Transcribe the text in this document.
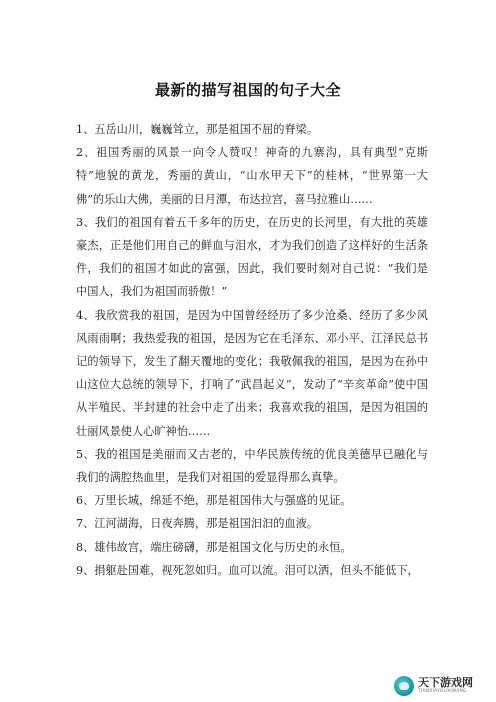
最新的描写祖国的句子大全

1、五岳山川，巍巍耸立，那是祖国不屈的脊梁。

2、祖国秀丽的风景一向令人赞叹！神奇的九寨沟，具有典型“克斯特”地貌的黄龙，秀丽的黄山，“山水甲天下”的桂林，“世界第一大佛”的乐山大佛，美丽的日月潭，布达拉宫，喜马拉雅山……

3、我们的祖国有着五千多年的历史，在历史的长河里，有大批的英雄豪杰，正是他们用自己的鲜血与泪水，才为我们创造了这样好的生活条件，我们的祖国才如此的富强，因此，我们要时刻对自己说：“我们是中国人，我们为祖国而骄傲！”

4、我欣赏我的祖国，是因为中国曾经经历了多少沧桑、经历了多少风风雨雨啊；我热爱我的祖国，是因为它在毛泽东、邓小平、江泽民总书记的领导下，发生了翻天覆地的变化；我敬佩我的祖国，是因为在孙中山这位大总统的领导下，打响了“武昌起义”，发动了“辛亥革命”使中国从半殖民、半封建的社会中走了出来；我喜欢我的祖国，是因为祖国的壮丽风景使人心旷神怡……

5、我的祖国是美丽而又古老的，中华民族传统的优良美德早已融化与我们的满腔热血里，是我们对祖国的爱显得那么真挚。

6、万里长城，绵延不绝，那是祖国伟大与强盛的见证。

7、江河湖海，日夜奔腾，那是祖国汩汩的血液。

8、雄伟故宫，端庄磅礴，那是祖国文化与历史的永恒。

9、捐躯赴国难，视死忽如归。血可以流。泪可以洒，但头不能低下，

天下游戏网
TIANXIAYOUXIWANG
